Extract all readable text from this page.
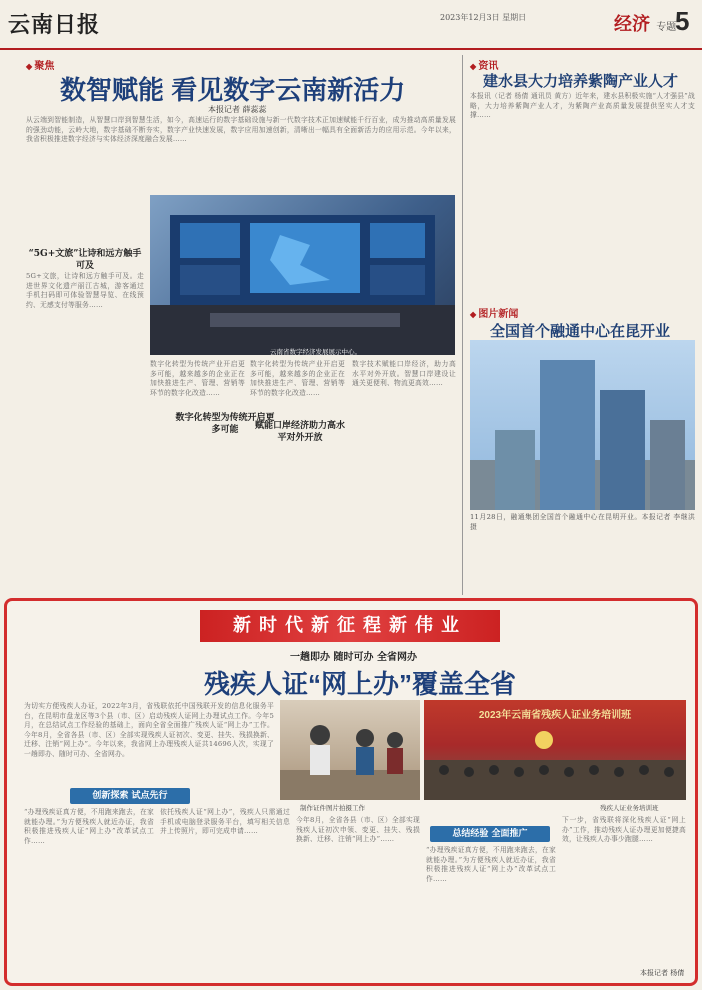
云南日报	2023年12月3日 星期日	经济 专题
5
◆ 聚焦
数智赋能 看见数字云南新活力
本报记者 薛蕊蕊
从云端到智能制造，从智慧口岸到智慧生活，如今，高速运行的数字基础设施与新一代数字技术正加速赋能千行百业，成为推动高质量发展的强劲动能，云岭大地，数字基础不断夯实，数字产业快速发展，数字应用加速创新，清晰出一幅具有全面新活力的应用示范。今年以来，我省积极推进数字经济与实体经济深度融合发展……
云南省数字经济发展展示中心。
“5G+文旅”让诗和远方触手可及
5G+文旅，让诗和远方触手可及。走进世界文化遗产丽江古城，游客通过手机扫码即可体验智慧导览、在线预约、无感支付等服务……
数字化转型为传统产业开启更多可能，越来越多的企业正在加快推进生产、管理、营销等环节的数字化改造……
数字化转型为传统开启更多可能
数字化转型为传统产业开启更多可能，越来越多的企业正在加快推进生产、管理、营销等环节的数字化改造……
赋能口岸经济助力高水平对外开放
数字技术赋能口岸经济，助力高水平对外开放。智慧口岸建设让通关更便利、物流更高效……
◆ 资讯
建水县大力培养紫陶产业人才
本报讯（记者 杨倩 通讯员 黄方）近年来，建水县积极实施“人才强县”战略，大力培养紫陶产业人才，为紫陶产业高质量发展提供坚实人才支撑……
◆ 图片新闻
全国首个融通中心在昆开业
11月28日，融通集团全国首个融通中心在昆明开业。本报记者 李继洪 摄
新时代新征程新伟业
一趟即办 随时可办 全省网办
残疾人证“网上办”覆盖全省
为切实方便残疾人办证，2022年3月，省残联依托中国残联开发的信息化服务平台，在昆明市盘龙区等3个县（市、区）启动残疾人证网上办理试点工作。今年5月，在总结试点工作经验的基础上，面向全省全面推广残疾人证“网上办”工作。今年8月，全省各县（市、区）全部实现残疾人证初次、变更、挂失、残损换新、迁移、注销“网上办”。今年以来，我省网上办理残疾人证共14696人次，实现了一趟即办、随时可办、全省网办。
制作证件图片拍摄工作
2023年云南省残疾人证业务培训班
残疾人证业务培训班
创新探索 试点先行
总结经验 全面推广
“办理残疾证真方便，不用跑来跑去，在家就能办理。”为方便残疾人就近办证，我省积极推进残疾人证“网上办”改革试点工作……
依托残疾人证“网上办”，残疾人只需通过手机或电脑登录服务平台，填写相关信息并上传照片，即可完成申请……
今年8月，全省各县（市、区）全部实现残疾人证初次申领、变更、挂失、残损换新、迁移、注销“网上办”……
“办理残疾证真方便，不用跑来跑去，在家就能办理。”为方便残疾人就近办证，我省积极推进残疾人证“网上办”改革试点工作……
下一步，省残联将深化残疾人证“网上办”工作，推动残疾人证办理更加便捷高效，让残疾人办事少跑腿……
本报记者 杨倩
